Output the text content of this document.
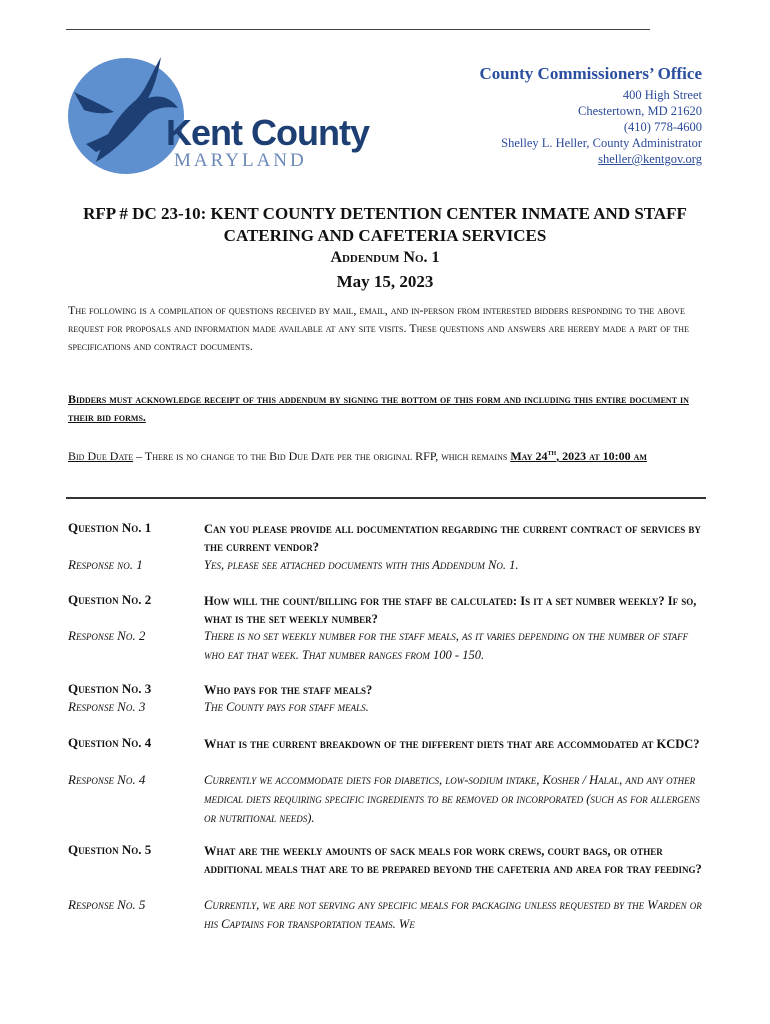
Kent County
MARYLAND
County Commissioners’ Office
400 High Street
Chestertown, MD 21620
(410) 778-4600
Shelley L. Heller, County Administrator
sheller@kentgov.org
RFP # DC 23-10: KENT COUNTY DETENTION CENTER INMATE AND STAFF
CATERING AND CAFETERIA SERVICES
Addendum No. 1
May 15, 2023
The following is a compilation of questions received by mail, email, and in-person from interested bidders responding to the above request for proposals and information made available at any site visits. These questions and answers are hereby made a part of the specifications and contract documents.
Bidders must acknowledge receipt of this addendum by signing the bottom of this form and including this entire document in their bid forms.
Bid Due Date – There is no change to the Bid Due Date per the original RFP, which remains May 24th, 2023 at 10:00 am
Question No. 1	Can you please provide all documentation regarding the current contract of services by the current vendor?
Response no. 1	Yes, please see attached documents with this Addendum No. 1.
Question No. 2	How will the count/billing for the staff be calculated: Is it a set number weekly? If so, what is the set weekly number?
Response No. 2	There is no set weekly number for the staff meals, as it varies depending on the number of staff who eat that week. That number ranges from 100 - 150.
Question No. 3	Who pays for the staff meals?
Response No. 3	The County pays for staff meals.
Question No. 4	What is the current breakdown of the different diets that are accommodated at KCDC?
Response No. 4	Currently we accommodate diets for diabetics, low-sodium intake, Kosher / Halal, and any other medical diets requiring specific ingredients to be removed or incorporated (such as for allergens or nutritional needs).
Question No. 5	What are the weekly amounts of sack meals for work crews, court bags, or other additional meals that are to be prepared beyond the cafeteria and area for tray feeding?
Response No. 5	Currently, we are not serving any specific meals for packaging unless requested by the Warden or his Captains for transportation teams. We
